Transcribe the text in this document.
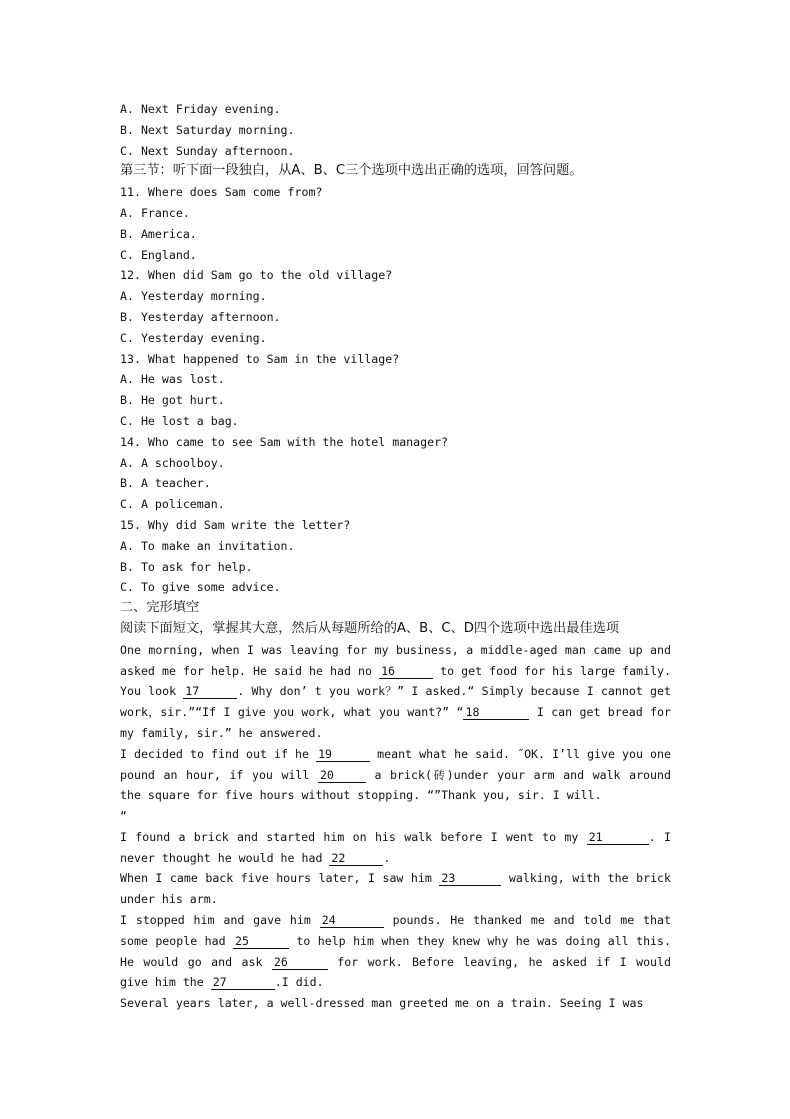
A. Next Friday evening.
B. Next Saturday morning.
C. Next Sunday afternoon.
第三节：听下面一段独白，从A、B、C三个选项中选出正确的选项，回答问题。
11. Where does Sam come from?
A. France.
B. America.
C. England.
12. When did Sam go to the old village?
A. Yesterday morning.
B. Yesterday afternoon.
C. Yesterday evening.
13. What happened to Sam in the village?
A. He was lost.
B. He got hurt.
C. He lost a bag.
14. Who came to see Sam with the hotel manager?
A. A schoolboy.
B. A teacher.
C. A policeman.
15. Why did Sam write the letter?
A. To make an invitation.
B. To ask for help.
C. To give some advice.
二、完形填空
阅读下面短文，掌握其大意，然后从每题所给的A、B、C、D四个选项中选出最佳选项
One morning, when I was leaving for my business, a middle-aged man came up and asked me for help. He said he had no 16	to get food for his large family. You look 17	. Why don’ t you work？” I asked.“ Simply because I cannot get work，sir.”“If I give you work, what you want?” “ 18	I can get bread for my family, sir.” he answered.
I decided to find out if he 19	meant what he said. ˝OK. I’ll give you one pound an hour, if you will 20	a brick(砖)under your arm and walk around the square for five hours without stopping. “”Thank you, sir. I will.
“
I found a brick and started him on his walk before I went to my 21	. I never thought he would he had 22	.
When I came back five hours later, I saw him 23	walking, with the brick under his arm.
I stopped him and gave him 24	pounds. He thanked me and told me that some people had 25	to help him when they knew why he was doing all this. He would go and ask 26	for work. Before leaving, he asked if I would give him the 27	.I did.
Several years later, a well-dressed man greeted me on a train. Seeing I was
